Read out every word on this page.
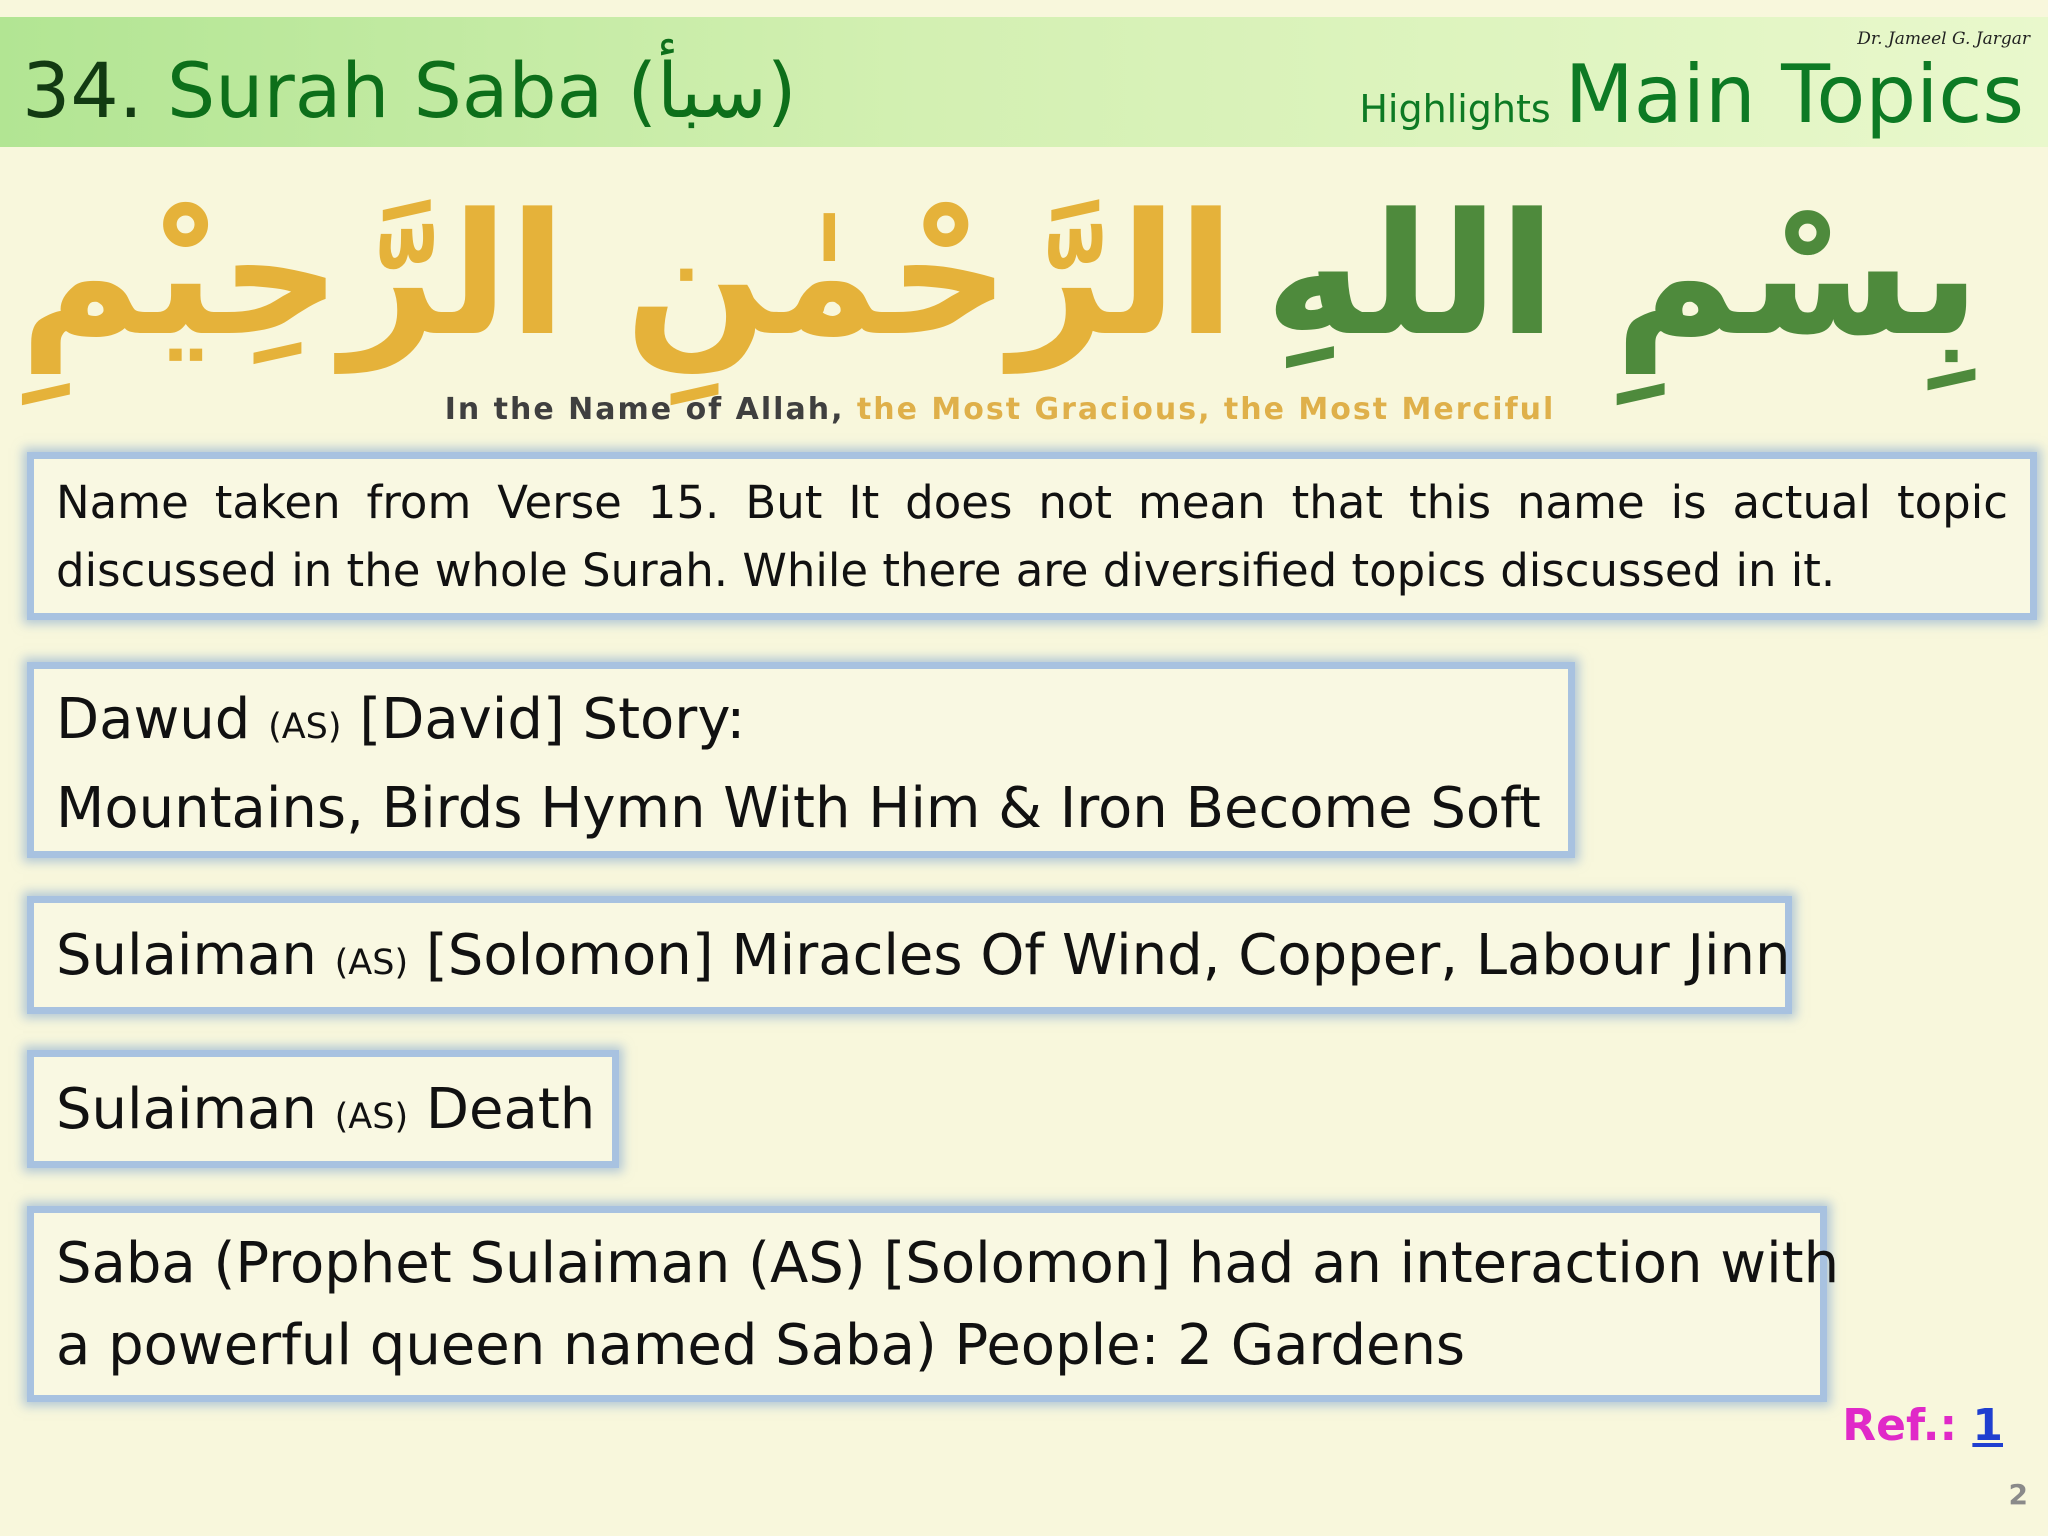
Dr. Jameel G. Jargar
34. Surah Saba (سبأ)	Highlights Main Topics
بِسْمِ اللهِ
الرَّحْمٰنِ الرَّحِيْمِ
In the Name of Allah, the Most Gracious, the Most Merciful
Name taken from Verse 15. But It does not mean that this name is actual topic discussed in the whole Surah. While there are diversified topics discussed in it.
Dawud (AS) [David] Story:
Mountains, Birds Hymn With Him & Iron Become Soft
Sulaiman (AS) [Solomon] Miracles Of Wind, Copper, Labour Jinn
Sulaiman (AS) Death
Saba (Prophet Sulaiman (AS) [Solomon] had an interaction with
a powerful queen named Saba) People: 2 Gardens
Ref.: 1
2
